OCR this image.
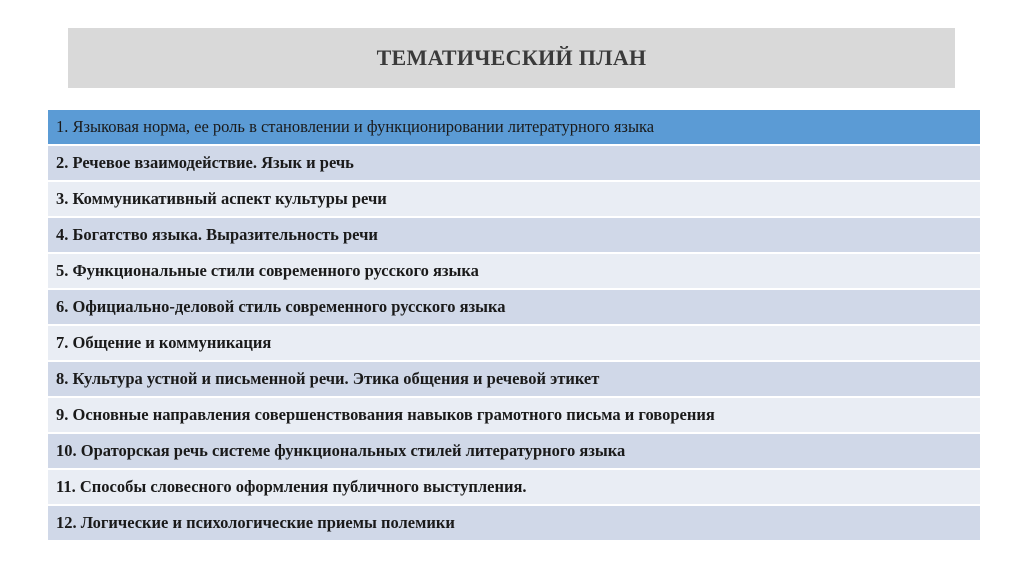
ТЕМАТИЧЕСКИЙ ПЛАН
1. Языковая норма, ее роль в становлении и функционировании литературного языка
2. Речевое взаимодействие. Язык и речь
3. Коммуникативный аспект культуры речи
4. Богатство языка. Выразительность речи
5. Функциональные стили современного русского языка
6. Официально-деловой стиль современного русского языка
7. Общение и коммуникация
8. Культура устной и письменной речи. Этика общения и речевой этикет
9. Основные направления совершенствования навыков грамотного письма и говорения
10. Ораторская речь системе функциональных стилей литературного языка
11. Способы словесного оформления публичного выступления.
12. Логические и психологические приемы полемики
